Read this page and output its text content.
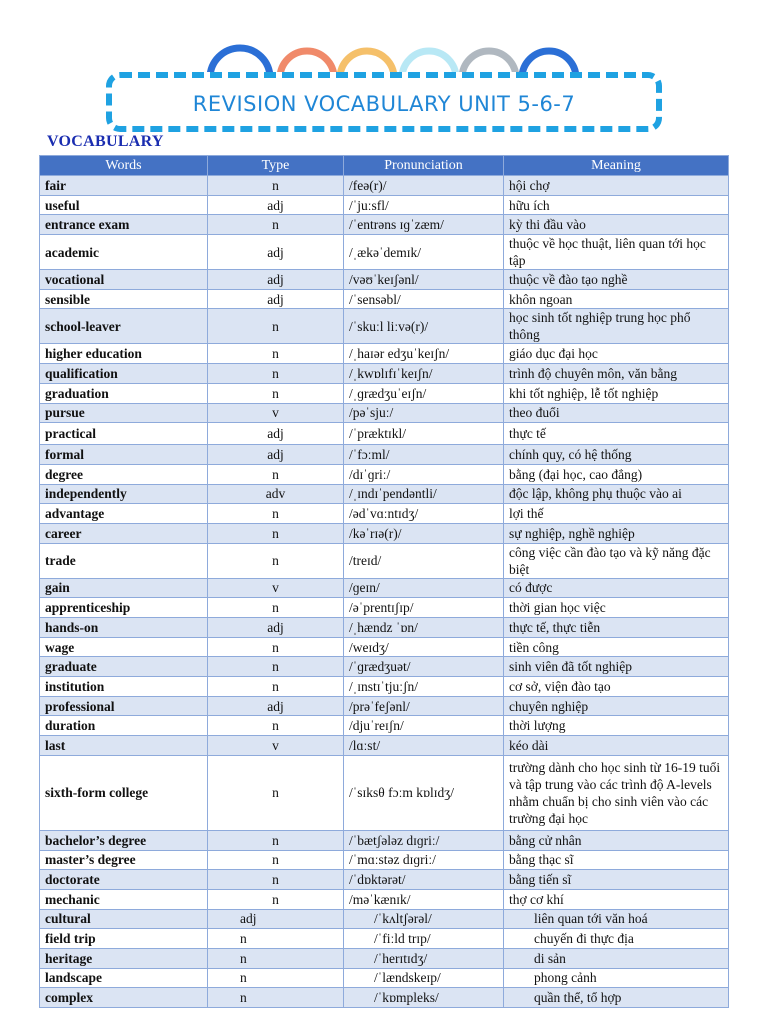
REVISION VOCABULARY UNIT 5-6-7
VOCABULARY
Words	Type	Pronunciation	Meaning
fair	n	/feə(r)/	hội chợ
useful	adj	/ˈjuːsfl/	hữu ích
entrance exam	n	/ˈentrəns ɪɡˈzæm/	kỳ thi đầu vào
academic	adj	/ˌækəˈdemɪk/	thuộc về học thuật, liên quan tới học tập
vocational	adj	/vəʊˈkeɪʃənl/	thuộc về đào tạo nghề
sensible	adj	/ˈsensəbl/	khôn ngoan
school-leaver	n	/ˈskuːl liːvə(r)/	học sinh tốt nghiệp trung học phổ thông
higher education	n	/ˌhaɪər edʒuˈkeɪʃn/	giáo dục đại học
qualification	n	/ˌkwɒlɪfɪˈkeɪʃn/	trình độ chuyên môn, văn bằng
graduation	n	/ˌɡrædʒuˈeɪʃn/	khi tốt nghiệp, lễ tốt nghiệp
pursue	v	/pəˈsjuː/	theo đuổi
practical	adj	/ˈpræktɪkl/	thực tế
formal	adj	/ˈfɔːml/	chính quy, có hệ thống
degree	n	/dɪˈɡriː/	bằng (đại học, cao đẳng)
independently	adv	/ˌɪndɪˈpendəntli/	độc lập, không phụ thuộc vào ai
advantage	n	/ədˈvɑːntɪdʒ/	lợi thế
career	n	/kəˈrɪə(r)/	sự nghiệp, nghề nghiệp
trade	n	/treɪd/	công việc cần đào tạo và kỹ năng đặc biệt
gain	v	/ɡeɪn/	có được
apprenticeship	n	/əˈprentɪʃɪp/	thời gian học việc
hands-on	adj	/ˌhændz ˈɒn/	thực tế, thực tiễn
wage	n	/weɪdʒ/	tiền công
graduate	n	/ˈɡrædʒuət/	sinh viên đã tốt nghiệp
institution	n	/ˌɪnstɪˈtjuːʃn/	cơ sở, viện đào tạo
professional	adj	/prəˈfeʃənl/	chuyên nghiệp
duration	n	/djuˈreɪʃn/	thời lượng
last	v	/lɑːst/	kéo dài
sixth-form college	n	/ˈsɪksθ fɔːm kɒlɪdʒ/	trường dành cho học sinh từ 16-19 tuổi và tập trung vào các trình độ A-levels nhằm chuẩn bị cho sinh viên vào các trường đại học
bachelor’s degree	n	/ˈbætʃələz dɪɡriː/	bằng cử nhân
master’s degree	n	/ˈmɑːstəz dɪɡriː/	bằng thạc sĩ
doctorate	n	/ˈdɒktərət/	bằng tiến sĩ
mechanic	n	/məˈkænɪk/	thợ cơ khí
cultural	adj	/ˈkʌltʃərəl/	liên quan tới văn hoá
field trip	n	/ˈfiːld trɪp/	chuyến đi thực địa
heritage	n	/ˈherɪtɪdʒ/	di sản
landscape	n	/ˈlændskeɪp/	phong cảnh
complex	n	/ˈkɒmpleks/	quần thể, tổ hợp
